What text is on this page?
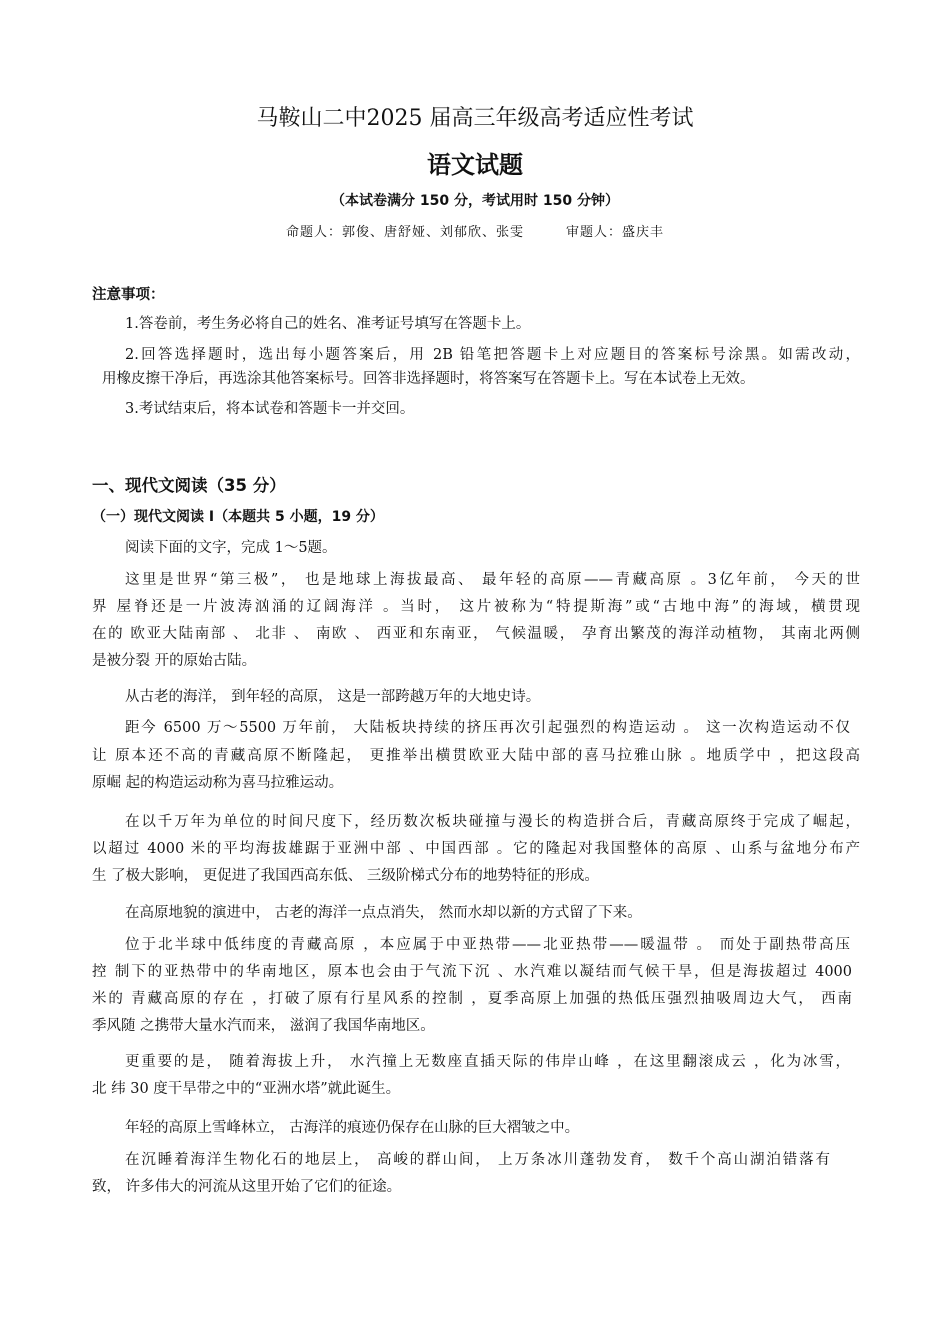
马鞍山二中2025 届高三年级高考适应性考试
语文试题
（本试卷满分 150 分，考试用时 150 分钟）
命题人：郭俊、唐舒娅、刘郁欣、张雯　　　审题人：盛庆丰
注意事项：
1.答卷前，考生务必将自己的姓名、准考证号填写在答题卡上。
2.回答选择题时，选出每小题答案后，用 2B 铅笔把答题卡上对应题目的答案标号涂黑。如需改动，
用橡皮擦干净后，再选涂其他答案标号。回答非选择题时，将答案写在答题卡上。写在本试卷上无效。
3.考试结束后，将本试卷和答题卡一并交回。
一、现代文阅读（35 分）
（一）现代文阅读 Ⅰ（本题共 5 小题，19 分）
阅读下面的文字，完成 1～5题。
这里是世界“第三极”， 也是地球上海拔最高、 最年轻的高原——青藏高原 。3亿年前， 今天的世
界 屋脊还是一片波涛汹涌的辽阔海洋 。当时， 这片被称为“特提斯海”或“古地中海”的海域，横贯现
在的 欧亚大陆南部 、 北非 、 南欧 、 西亚和东南亚， 气候温暖， 孕育出繁茂的海洋动植物， 其南北两侧
是被分裂 开的原始古陆。
从古老的海洋， 到年轻的高原， 这是一部跨越万年的大地史诗。
距今 6500 万～5500 万年前， 大陆板块持续的挤压再次引起强烈的构造运动 。 这一次构造运动不仅
让 原本还不高的青藏高原不断隆起， 更推举出横贯欧亚大陆中部的喜马拉雅山脉 。地质学中 ，把这段高
原崛 起的构造运动称为喜马拉雅运动。
在以千万年为单位的时间尺度下，经历数次板块碰撞与漫长的构造拼合后，青藏高原终于完成了崛起，
以超过 4000 米的平均海拔雄踞于亚洲中部 、中国西部 。它的隆起对我国整体的高原 、山系与盆地分布产
生 了极大影响， 更促进了我国西高东低、 三级阶梯式分布的地势特征的形成。
在高原地貌的演进中， 古老的海洋一点点消失， 然而水却以新的方式留了下来。
位于北半球中低纬度的青藏高原 ，本应属于中亚热带——北亚热带——暖温带 。 而处于副热带高压
控 制下的亚热带中的华南地区，原本也会由于气流下沉 、水汽难以凝结而气候干旱，但是海拔超过 4000
米的 青藏高原的存在 ，打破了原有行星风系的控制 ，夏季高原上加强的热低压强烈抽吸周边大气， 西南
季风随 之携带大量水汽而来， 滋润了我国华南地区。
更重要的是， 随着海拔上升， 水汽撞上无数座直插天际的伟岸山峰 ，在这里翻滚成云 ，化为冰雪，
北 纬 30 度干旱带之中的“亚洲水塔”就此诞生。
年轻的高原上雪峰林立， 古海洋的痕迹仍保存在山脉的巨大褶皱之中。
在沉睡着海洋生物化石的地层上， 高峻的群山间， 上万条冰川蓬勃发育， 数千个高山湖泊错落有
致， 许多伟大的河流从这里开始了它们的征途。
